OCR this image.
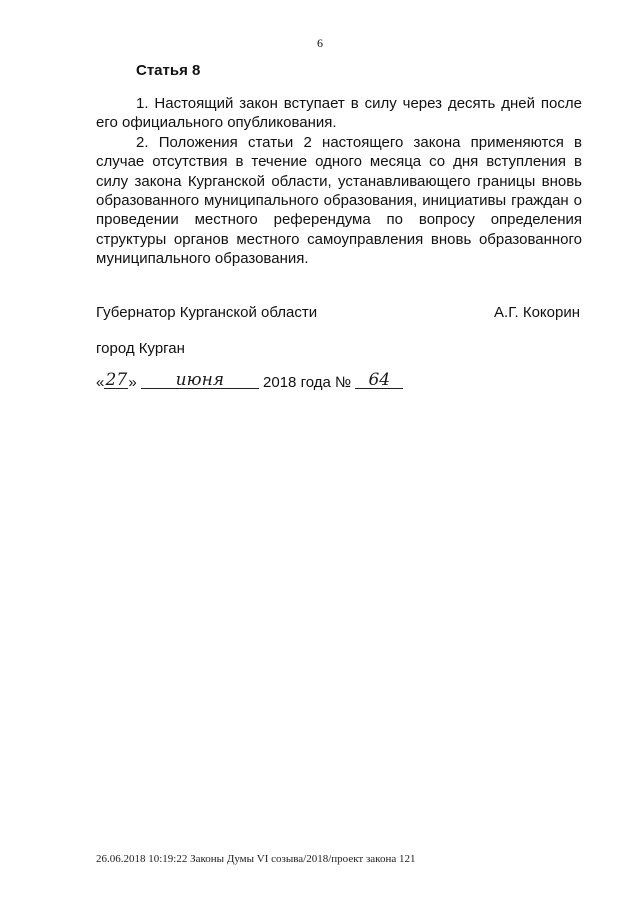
6
Статья 8

1. Настоящий закон вступает в силу через десять дней после его официального опубликования.

2. Положения статьи 2 настоящего закона применяются в случае отсутствия в течение одного месяца со дня вступления в силу закона Курганской области, устанавливающего границы вновь образованного муниципального образования, инициативы граждан о проведении местного референдума по вопросу определения структуры органов местного самоуправления вновь образованного муниципального образования.

Губернатор Курганской области	А.Г. Кокорин
город Курган
«27» июня	2018 года № 64
26.06.2018 10:19:22 Законы Думы VI созыва/2018/проект закона 121
